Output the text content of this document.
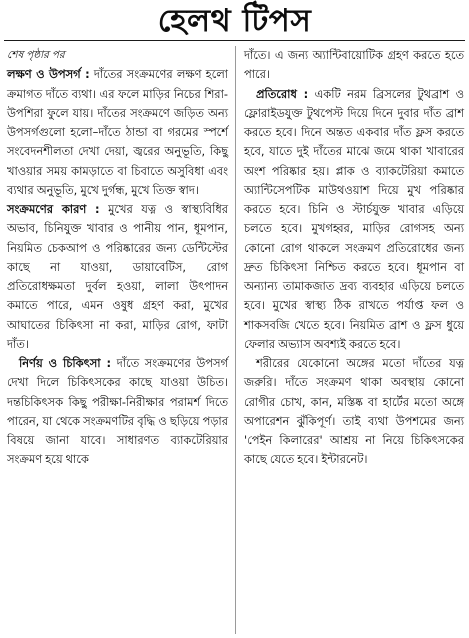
হেলথ টিপস

শেষ পৃষ্ঠার পর

লক্ষণ ও উপসর্গ : দাঁতের সংক্রমণের লক্ষণ হলো ক্রমাগত দাঁতে ব্যথা। এর ফলে মাড়ির নিচের শিরা-উপশিরা ফুলে যায়। দাঁতের সংক্রমণে জড়িত অন্য উপসর্গগুলো হলো–দাঁতে ঠান্ডা বা গরমের স্পর্শে সংবেদনশীলতা দেখা দেয়া, জ্বরের অনুভূতি, কিছু খাওয়ার সময় কামড়াতে বা চিবাতে অসুবিধা এবং ব্যথার অনুভূতি, মুখে দুর্গন্ধ, মুখে তিক্ত স্বাদ।

সংক্রমণের কারণ : মুখের যত্ন ও স্বাস্থ্যবিধির অভাব, চিনিযুক্ত খাবার ও পানীয় পান, ধূমপান, নিয়মিত চেকআপ ও পরিষ্কারের জন্য ডেন্টিস্টের কাছে না যাওয়া, ডায়াবেটিস, রোগ প্রতিরোধক্ষমতা দুর্বল হওয়া, লালা উৎপাদন কমাতে পারে, এমন ওষুধ গ্রহণ করা, মুখের আঘাতের চিকিৎসা না করা, মাড়ির রোগ, ফাটা দাঁত।

নির্ণয় ও চিকিৎসা : দাঁতে সংক্রমণের উপসর্গ দেখা দিলে চিকিৎসকের কাছে যাওয়া উচিত। দন্তচিকিৎসক কিছু পরীক্ষা-নিরীক্ষার পরামর্শ দিতে পারেন, যা থেকে সংক্রমণটির বৃদ্ধি ও ছড়িয়ে পড়ার বিষয়ে জানা যাবে। সাধারণত ব্যাকটেরিয়ার সংক্রমণ হয়ে থাকে

দাঁতে। এ জন্য অ্যান্টিবায়োটিক গ্রহণ করতে হতে পারে।

প্রতিরোধ : একটি নরম ব্রিসলের টুথব্রাশ ও ফ্লোরাইডযুক্ত টুথপেস্ট দিয়ে দিনে দুবার দাঁত ব্রাশ করতে হবে। দিনে অন্তত একবার দাঁত ফ্লস করতে হবে, যাতে দুই দাঁতের মাঝে জমে থাকা খাবারের অংশ পরিষ্কার হয়। প্লাক ও ব্যাকটেরিয়া কমাতে অ্যান্টিসেপটিক মাউথওয়াশ দিয়ে মুখ পরিষ্কার করতে হবে। চিনি ও স্টার্চযুক্ত খাবার এড়িয়ে চলতে হবে। মুখগহ্বর, মাড়ির রোগসহ অন্য কোনো রোগ থাকলে সংক্রমণ প্রতিরোধের জন্য দ্রুত চিকিৎসা নিশ্চিত করতে হবে। ধূমপান বা অন্যান্য তামাকজাত দ্রব্য ব্যবহার এড়িয়ে চলতে হবে। মুখের স্বাস্থ্য ঠিক রাখতে পর্যাপ্ত ফল ও শাকসবজি খেতে হবে। নিয়মিত ব্রাশ ও ফ্লস ধুয়ে ফেলার অভ্যাস অবশ্যই করতে হবে।

শরীরের যেকোনো অঙ্গের মতো দাঁতের যত্ন জরুরি। দাঁতে সংক্রমণ থাকা অবস্থায় কোনো রোগীর চোখ, কান, মস্তিষ্ক বা হার্টের মতো অঙ্গে অপারেশন ঝুঁকিপূর্ণ। তাই ব্যথা উপশমের জন্য 'পেইন কিলারের' আশ্রয় না নিয়ে চিকিৎসকের কাছে যেতে হবে। ইন্টারনেট।
